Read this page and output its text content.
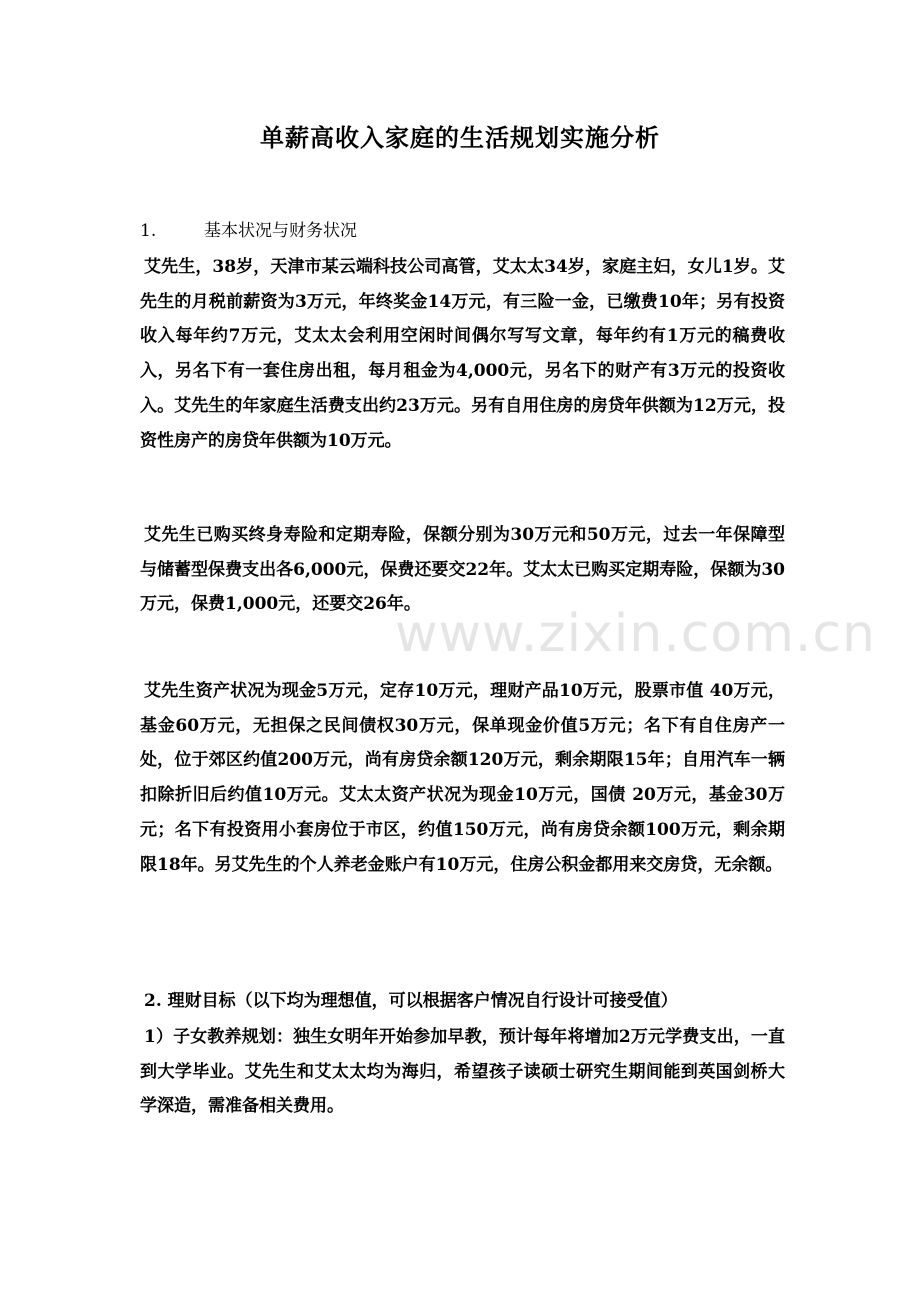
单薪高收入家庭的生活规划实施分析
1.	基本状况与财务状况
艾先生，38岁，天津市某云端科技公司高管，艾太太34岁，家庭主妇，女儿1岁。艾先生的月税前薪资为3万元，年终奖金14万元，有三险一金，已缴费10年；另有投资收入每年约7万元，艾太太会利用空闲时间偶尔写写文章，每年约有1万元的稿费收入，另名下有一套住房出租，每月租金为4,000元，另名下的财产有3万元的投资收入。艾先生的年家庭生活费支出约23万元。另有自用住房的房贷年供额为12万元，投资性房产的房贷年供额为10万元。
艾先生已购买终身寿险和定期寿险，保额分别为30万元和50万元，过去一年保障型与储蓄型保费支出各6,000元，保费还要交22年。艾太太已购买定期寿险，保额为30万元，保费1,000元，还要交26年。
艾先生资产状况为现金5万元，定存10万元，理财产品10万元，股票市值 40万元，基金60万元，无担保之民间债权30万元，保单现金价值5万元；名下有自住房产一处，位于郊区约值200万元，尚有房贷余额120万元，剩余期限15年；自用汽车一辆扣除折旧后约值10万元。艾太太资产状况为现金10万元，国债 20万元，基金30万元；名下有投资用小套房位于市区，约值150万元，尚有房贷余额100万元，剩余期限18年。另艾先生的个人养老金账户有10万元，住房公积金都用来交房贷，无余额。
2. 理财目标（以下均为理想值，可以根据客户情况自行设计可接受值）
1）子女教养规划：独生女明年开始参加早教，预计每年将增加2万元学费支出，一直到大学毕业。艾先生和艾太太均为海归，希望孩子读硕士研究生期间能到英国剑桥大学深造，需准备相关费用。
www.zixin.com.cn
